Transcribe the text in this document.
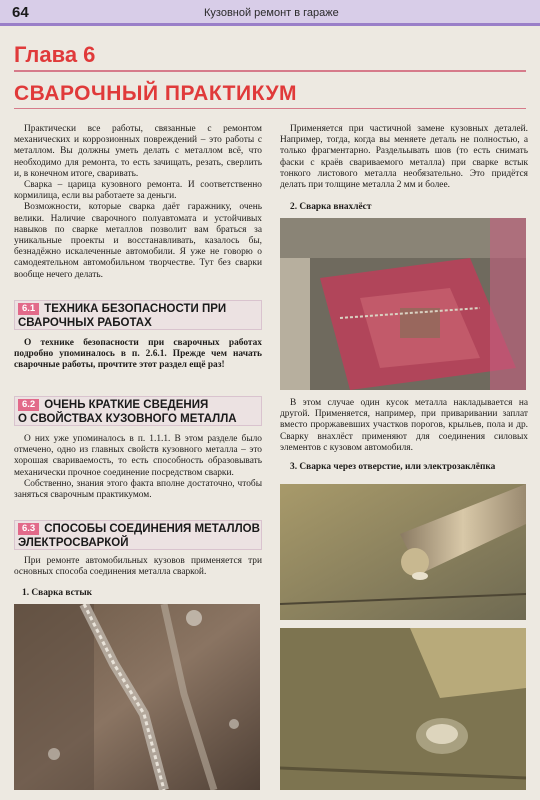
64	Кузовной ремонт в гараже
Глава 6
СВАРОЧНЫЙ ПРАКТИКУМ

Практически все работы, связанные с ремонтом механических и коррозионных повреждений – это работы с металлом. Вы должны уметь делать с металлом всё, что необходимо для ремонта, то есть зачищать, резать, сверлить и, в конечном итоге, сваривать.

Сварка – царица кузовного ремонта. И соответственно кормилица, если вы работаете за деньги.

Возможности, которые сварка даёт гаражнику, очень велики. Наличие сварочного полуавтомата и устойчивых навыков по сварке металлов позволит вам браться за уникальные проекты и восстанавливать, казалось бы, безнадёжно искалеченные автомобили. Я уже не говорю о самодеятельном автомобильном творчестве. Тут без сварки вообще нечего делать.

6.1 ТЕХНИКА БЕЗОПАСНОСТИ ПРИ
СВАРОЧНЫХ РАБОТАХ

О технике безопасности при сварочных работах подробно упоминалось в п. 2.6.1. Прежде чем начать сварочные работы, прочтите этот раздел ещё раз!

6.2 ОЧЕНЬ КРАТКИЕ СВЕДЕНИЯ
О СВОЙСТВАХ КУЗОВНОГО МЕТАЛЛА

О них уже упоминалось в п. 1.1.1. В этом разделе было отмечено, одно из главных свойств кузовного металла – это хорошая свариваемость, то есть способность образовывать механически прочное соединение посредством сварки.

Собственно, знания этого факта вполне достаточно, чтобы заняться сварочным практикумом.

6.3 СПОСОБЫ СОЕДИНЕНИЯ МЕТАЛЛОВ
ЭЛЕКТРОСВАРКОЙ

При ремонте автомобильных кузовов применяется три основных способа соединения металла сваркой.

1. Сварка встык

Применяется при частичной замене кузовных деталей. Например, тогда, когда вы меняете деталь не полностью, а только фрагментарно. Раздельывать шов (то есть снимать фаски с краёв свариваемого металла) при сварке встык тонкого листового металла необязательно. Это придётся делать при толщине металла 2 мм и более.

2. Сварка внахлёст

В этом случае один кусок металла накладывается на другой. Применяется, например, при приваривании заплат вместо проржавевших участков порогов, крыльев, пола и др. Сварку внахлёст применяют для соединения силовых элементов с кузовом автомобиля.

3. Сварка через отверстие, или электрозаклёпка
